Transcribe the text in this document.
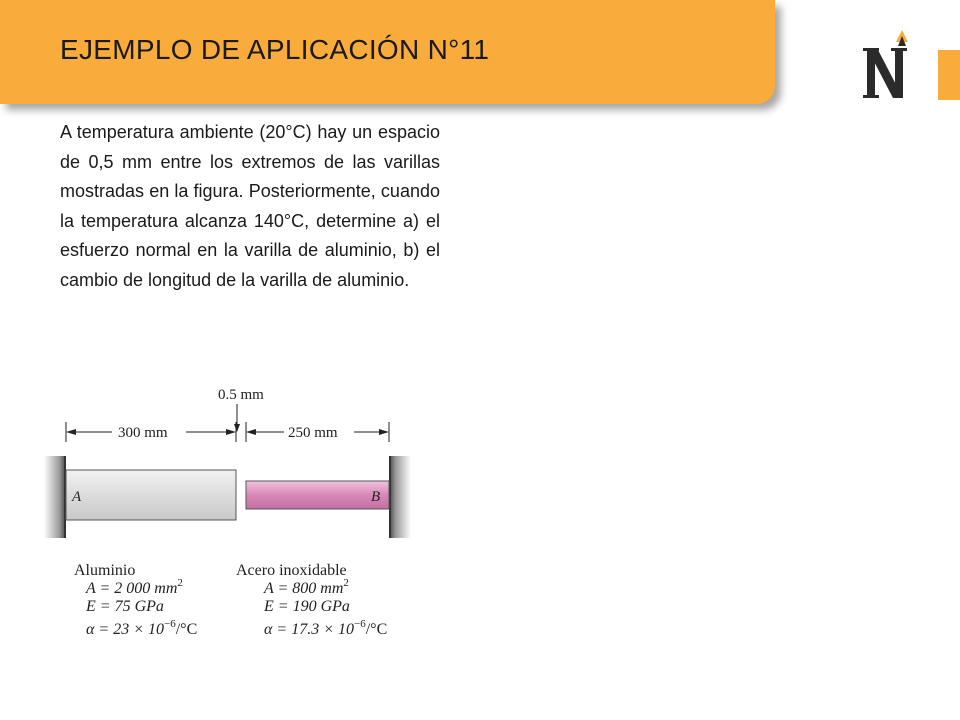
EJEMPLO DE APLICACIÓN N°11
A temperatura ambiente (20°C) hay un espacio de 0,5 mm entre los extremos de las varillas mostradas en la figura. Posteriormente, cuando la temperatura alcanza 140°C, determine a) el esfuerzo normal en la varilla de aluminio, b) el cambio de longitud de la varilla de aluminio.
0.5 mm
300 mm	250 mm
A	B
Aluminio
A = 2 000 $mm^2$
E = 75 GPa
$\alpha = 23 \times 10^{-6}/^\circ C$
Acero inoxidable
A = 800 $mm^2$
E = 190 GPa
$\alpha = 17.3 \times 10^{-6}/^\circ C$
